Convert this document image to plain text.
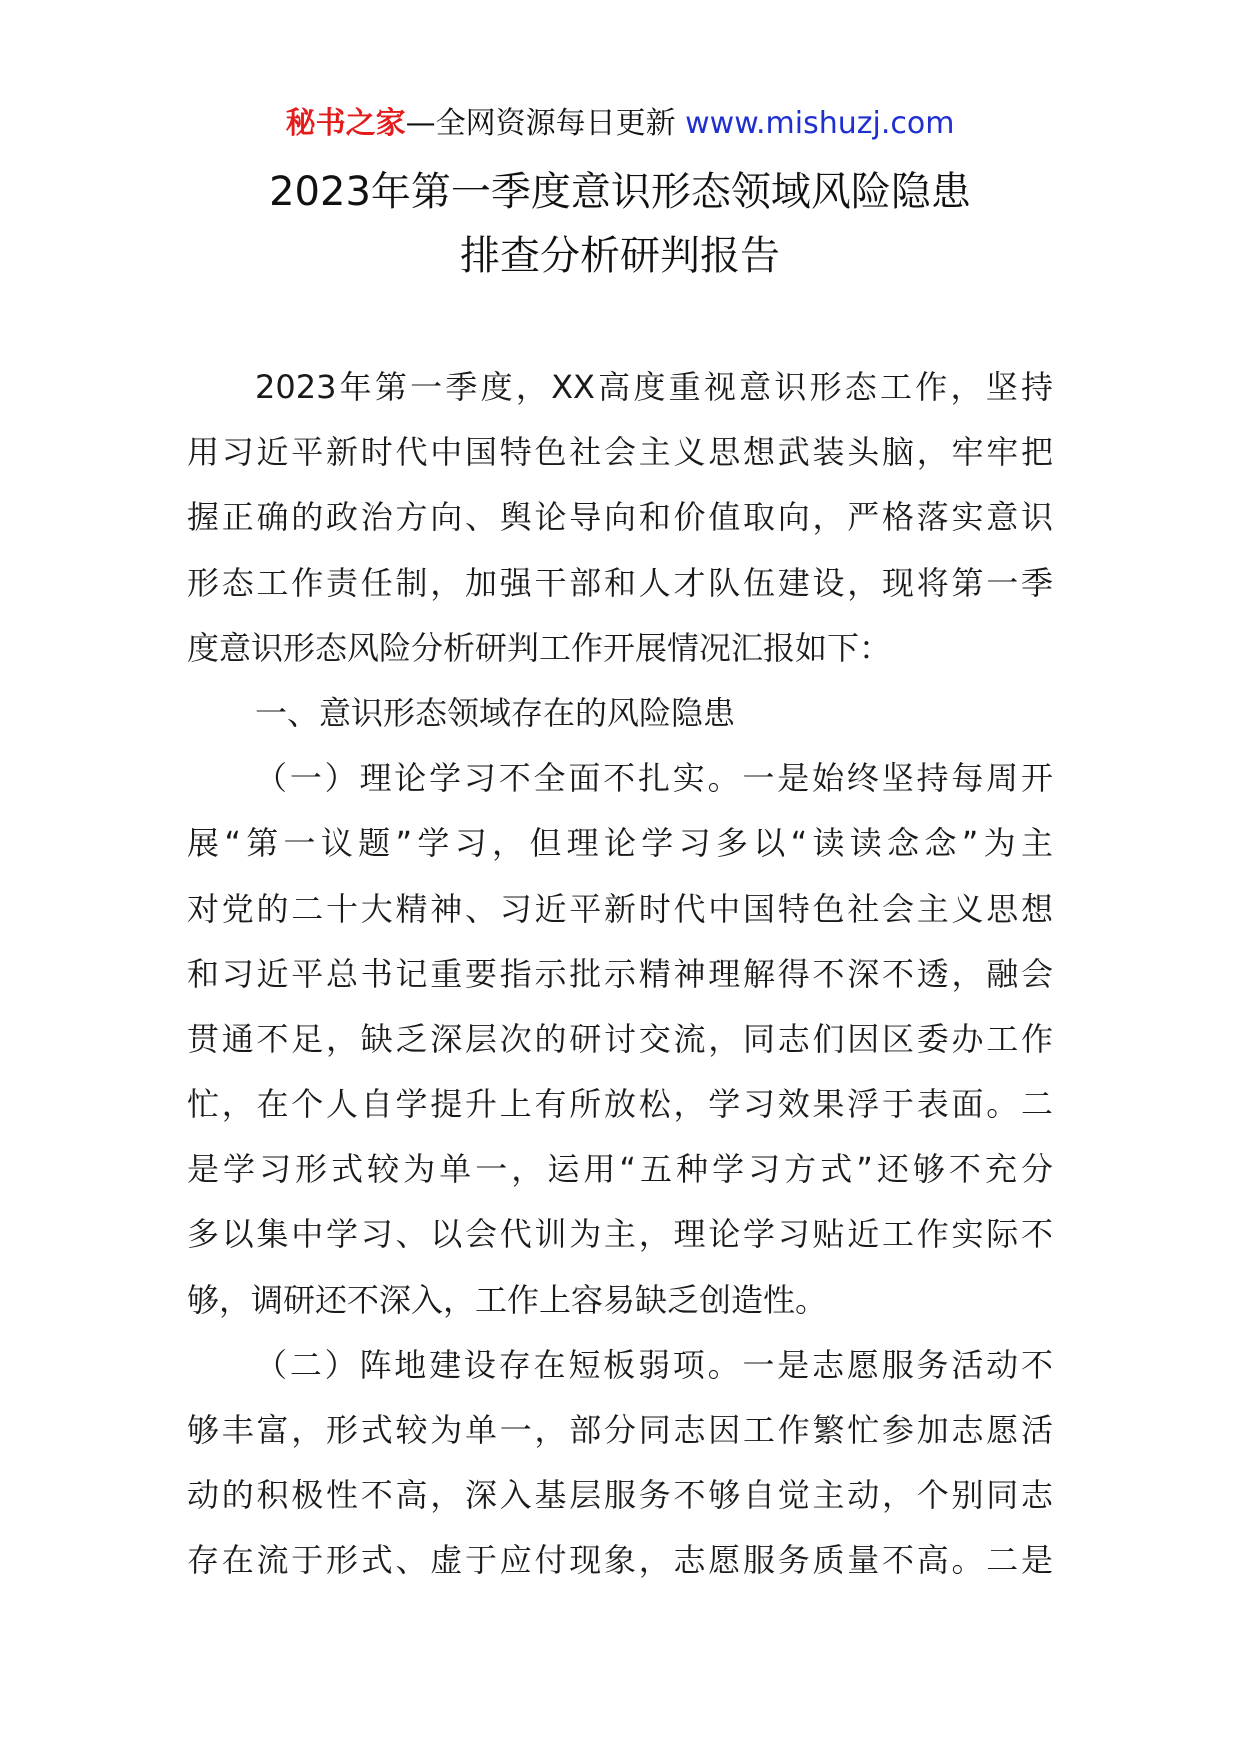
秘书之家—全网资源每日更新 www.mishuzj.com
2023年第一季度意识形态领域风险隐患
排查分析研判报告
2023年第一季度，XX高度重视意识形态工作，坚持
用习近平新时代中国特色社会主义思想武装头脑，牢牢把
握正确的政治方向、舆论导向和价值取向，严格落实意识
形态工作责任制，加强干部和人才队伍建设，现将第一季
度意识形态风险分析研判工作开展情况汇报如下：
一、意识形态领域存在的风险隐患
（一）理论学习不全面不扎实。一是始终坚持每周开
展“第一议题”学习，但理论学习多以“读读念念”为主
对党的二十大精神、习近平新时代中国特色社会主义思想
和习近平总书记重要指示批示精神理解得不深不透，融会
贯通不足，缺乏深层次的研讨交流，同志们因区委办工作
忙，在个人自学提升上有所放松，学习效果浮于表面。二
是学习形式较为单一，运用“五种学习方式”还够不充分
多以集中学习、以会代训为主，理论学习贴近工作实际不
够，调研还不深入，工作上容易缺乏创造性。
（二）阵地建设存在短板弱项。一是志愿服务活动不
够丰富，形式较为单一，部分同志因工作繁忙参加志愿活
动的积极性不高，深入基层服务不够自觉主动，个别同志
存在流于形式、虚于应付现象，志愿服务质量不高。二是
